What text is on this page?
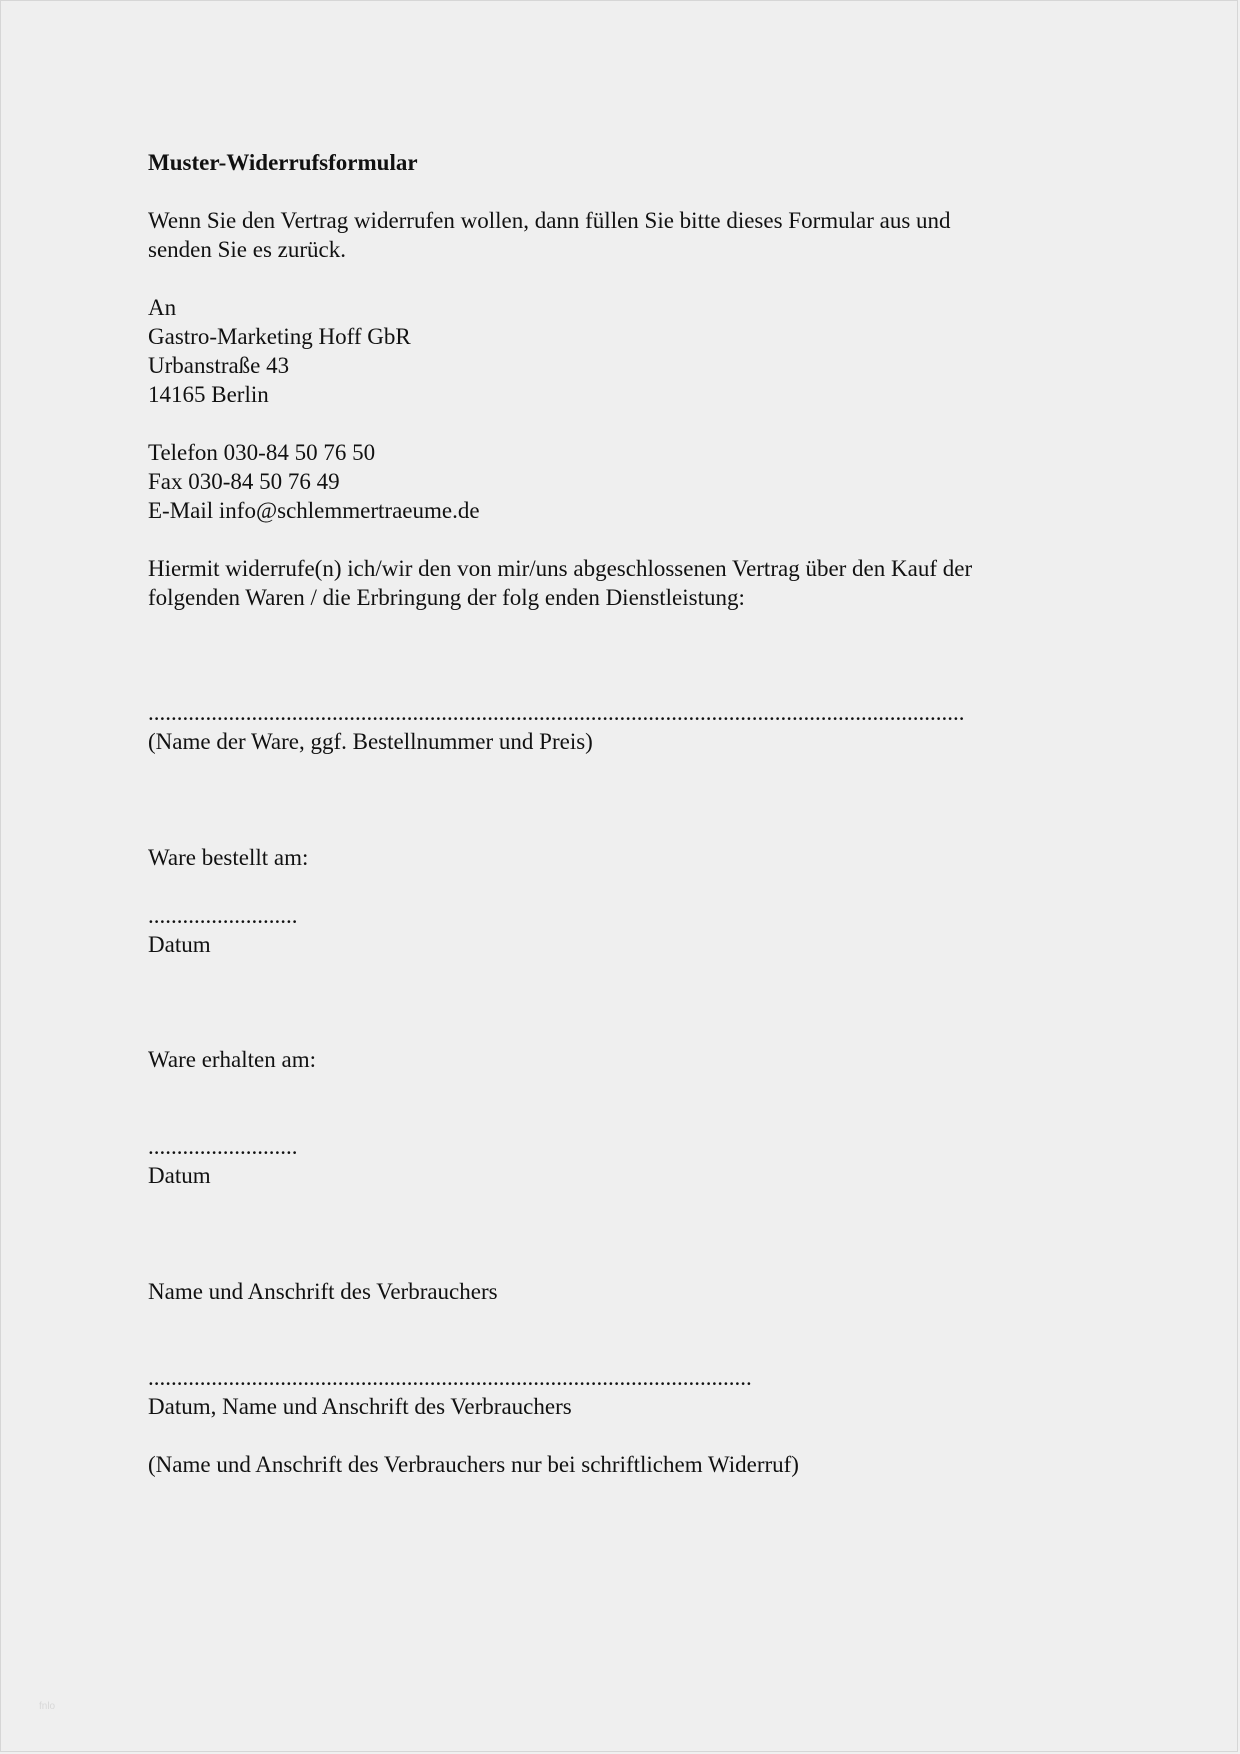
Muster-Widerrufsformular
Wenn Sie den Vertrag widerrufen wollen, dann füllen Sie bitte dieses Formular aus und
senden Sie es zurück.
An
Gastro-Marketing Hoff GbR
Urbanstraße 43
14165 Berlin
Telefon 030-84 50 76 50
Fax 030-84 50 76 49
E-Mail info@schlemmertraeume.de
Hiermit widerrufe(n) ich/wir den von mir/uns abgeschlossenen Vertrag über den Kauf der
folgenden Waren / die Erbringung der folg enden Dienstleistung:
..............................................................................................................................................
(Name der Ware, ggf. Bestellnummer und Preis)
Ware bestellt am:
..........................
Datum
Ware erhalten am:
..........................
Datum
Name und Anschrift des Verbrauchers
.........................................................................................................
Datum, Name und Anschrift des Verbrauchers
(Name und Anschrift des Verbrauchers nur bei schriftlichem Widerruf)
fnlo
